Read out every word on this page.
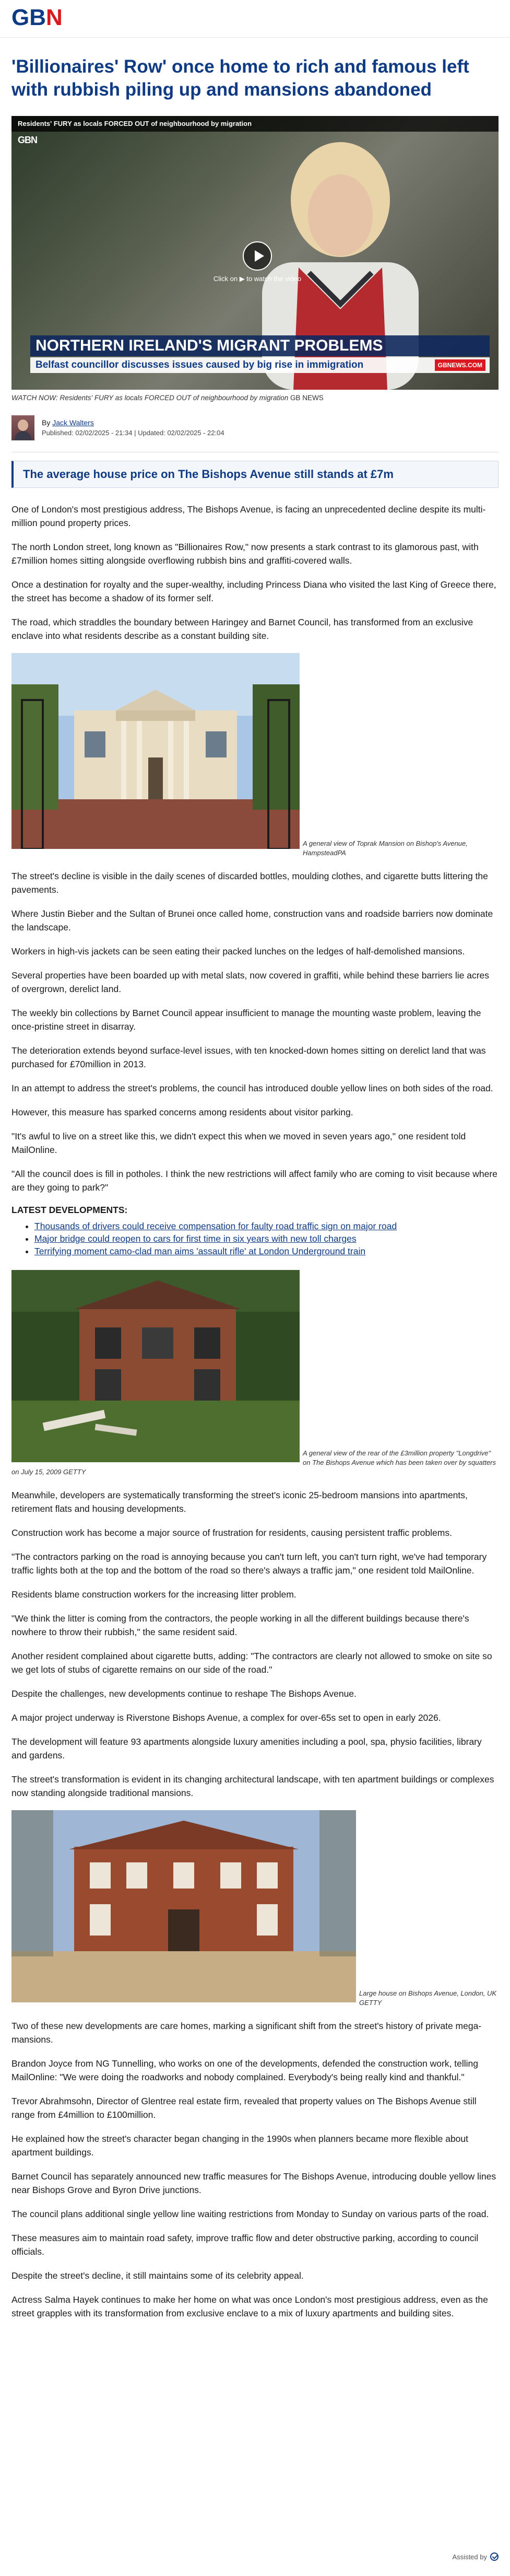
G B N
'Billionaires' Row' once home to rich and famous left with rubbish piling up and mansions abandoned
Residents' FURY as locals FORCED OUT of neighbourhood by migration
GBN
Click on ▶ to watch the video
NORTHERN IRELAND'S MIGRANT PROBLEMS
Belfast councillor discusses issues caused by big rise in immigration	GBNEWS.COM
WATCH NOW: Residents' FURY as locals FORCED OUT of neighbourhood by migration GB NEWS
By Jack Walters
Published: 02/02/2025 - 21:34 | Updated: 02/02/2025 - 22:04
The average house price on The Bishops Avenue still stands at £7m

One of London's most prestigious address, The Bishops Avenue, is facing an unprecedented decline despite its multi-million pound property prices.

The north London street, long known as "Billionaires Row," now presents a stark contrast to its glamorous past, with £7million homes sitting alongside overflowing rubbish bins and graffiti-covered walls.

Once a destination for royalty and the super-wealthy, including Princess Diana who visited the last King of Greece there, the street has become a shadow of its former self.

The road, which straddles the boundary between Haringey and Barnet Council, has transformed from an exclusive enclave into what residents describe as a constant building site.

A general view of Toprak Mansion on Bishop's Avenue, HampsteadPA

The street's decline is visible in the daily scenes of discarded bottles, moulding clothes, and cigarette butts littering the pavements.

Where Justin Bieber and the Sultan of Brunei once called home, construction vans and roadside barriers now dominate the landscape.

Workers in high-vis jackets can be seen eating their packed lunches on the ledges of half-demolished mansions.

Several properties have been boarded up with metal slats, now covered in graffiti, while behind these barriers lie acres of overgrown, derelict land.

The weekly bin collections by Barnet Council appear insufficient to manage the mounting waste problem, leaving the once-pristine street in disarray.

The deterioration extends beyond surface-level issues, with ten knocked-down homes sitting on derelict land that was purchased for £70million in 2013.

In an attempt to address the street's problems, the council has introduced double yellow lines on both sides of the road.

However, this measure has sparked concerns among residents about visitor parking.

"It's awful to live on a street like this, we didn't expect this when we moved in seven years ago," one resident told MailOnline.

"All the council does is fill in potholes. I think the new restrictions will affect family who are coming to visit because where are they going to park?"

LATEST DEVELOPMENTS:
• Thousands of drivers could receive compensation for faulty road traffic sign on major road
• Major bridge could reopen to cars for first time in six years with new toll charges
• Terrifying moment camo-clad man aims 'assault rifle' at London Underground train
A general view of the rear of the £3million property "Longdrive" on The Bishops Avenue which has been taken over by squatters on July 15, 2009 GETTY

Meanwhile, developers are systematically transforming the street's iconic 25-bedroom mansions into apartments, retirement flats and housing developments.

Construction work has become a major source of frustration for residents, causing persistent traffic problems.

"The contractors parking on the road is annoying because you can't turn left, you can't turn right, we've had temporary traffic lights both at the top and the bottom of the road so there's always a traffic jam," one resident told MailOnline.

Residents blame construction workers for the increasing litter problem.

"We think the litter is coming from the contractors, the people working in all the different buildings because there's nowhere to throw their rubbish," the same resident said.

Another resident complained about cigarette butts, adding: "The contractors are clearly not allowed to smoke on site so we get lots of stubs of cigarette remains on our side of the road."

Despite the challenges, new developments continue to reshape The Bishops Avenue.

A major project underway is Riverstone Bishops Avenue, a complex for over-65s set to open in early 2026.

The development will feature 93 apartments alongside luxury amenities including a pool, spa, physio facilities, library and gardens.

The street's transformation is evident in its changing architectural landscape, with ten apartment buildings or complexes now standing alongside traditional mansions.

Large house on Bishops Avenue, London, UK GETTY

Two of these new developments are care homes, marking a significant shift from the street's history of private mega-mansions.

Brandon Joyce from NG Tunnelling, who works on one of the developments, defended the construction work, telling MailOnline: "We were doing the roadworks and nobody complained. Everybody's being really kind and thankful."

Trevor Abrahmsohn, Director of Glentree real estate firm, revealed that property values on The Bishops Avenue still range from £4million to £100million.

He explained how the street's character began changing in the 1990s when planners became more flexible about apartment buildings.

Barnet Council has separately announced new traffic measures for The Bishops Avenue, introducing double yellow lines near Bishops Grove and Byron Drive junctions.

The council plans additional single yellow line waiting restrictions from Monday to Sunday on various parts of the road.

These measures aim to maintain road safety, improve traffic flow and deter obstructive parking, according to council officials.

Despite the street's decline, it still maintains some of its celebrity appeal.

Actress Salma Hayek continues to make her home on what was once London's most prestigious address, even as the street grapples with its transformation from exclusive enclave to a mix of luxury apartments and building sites.

Assisted by
